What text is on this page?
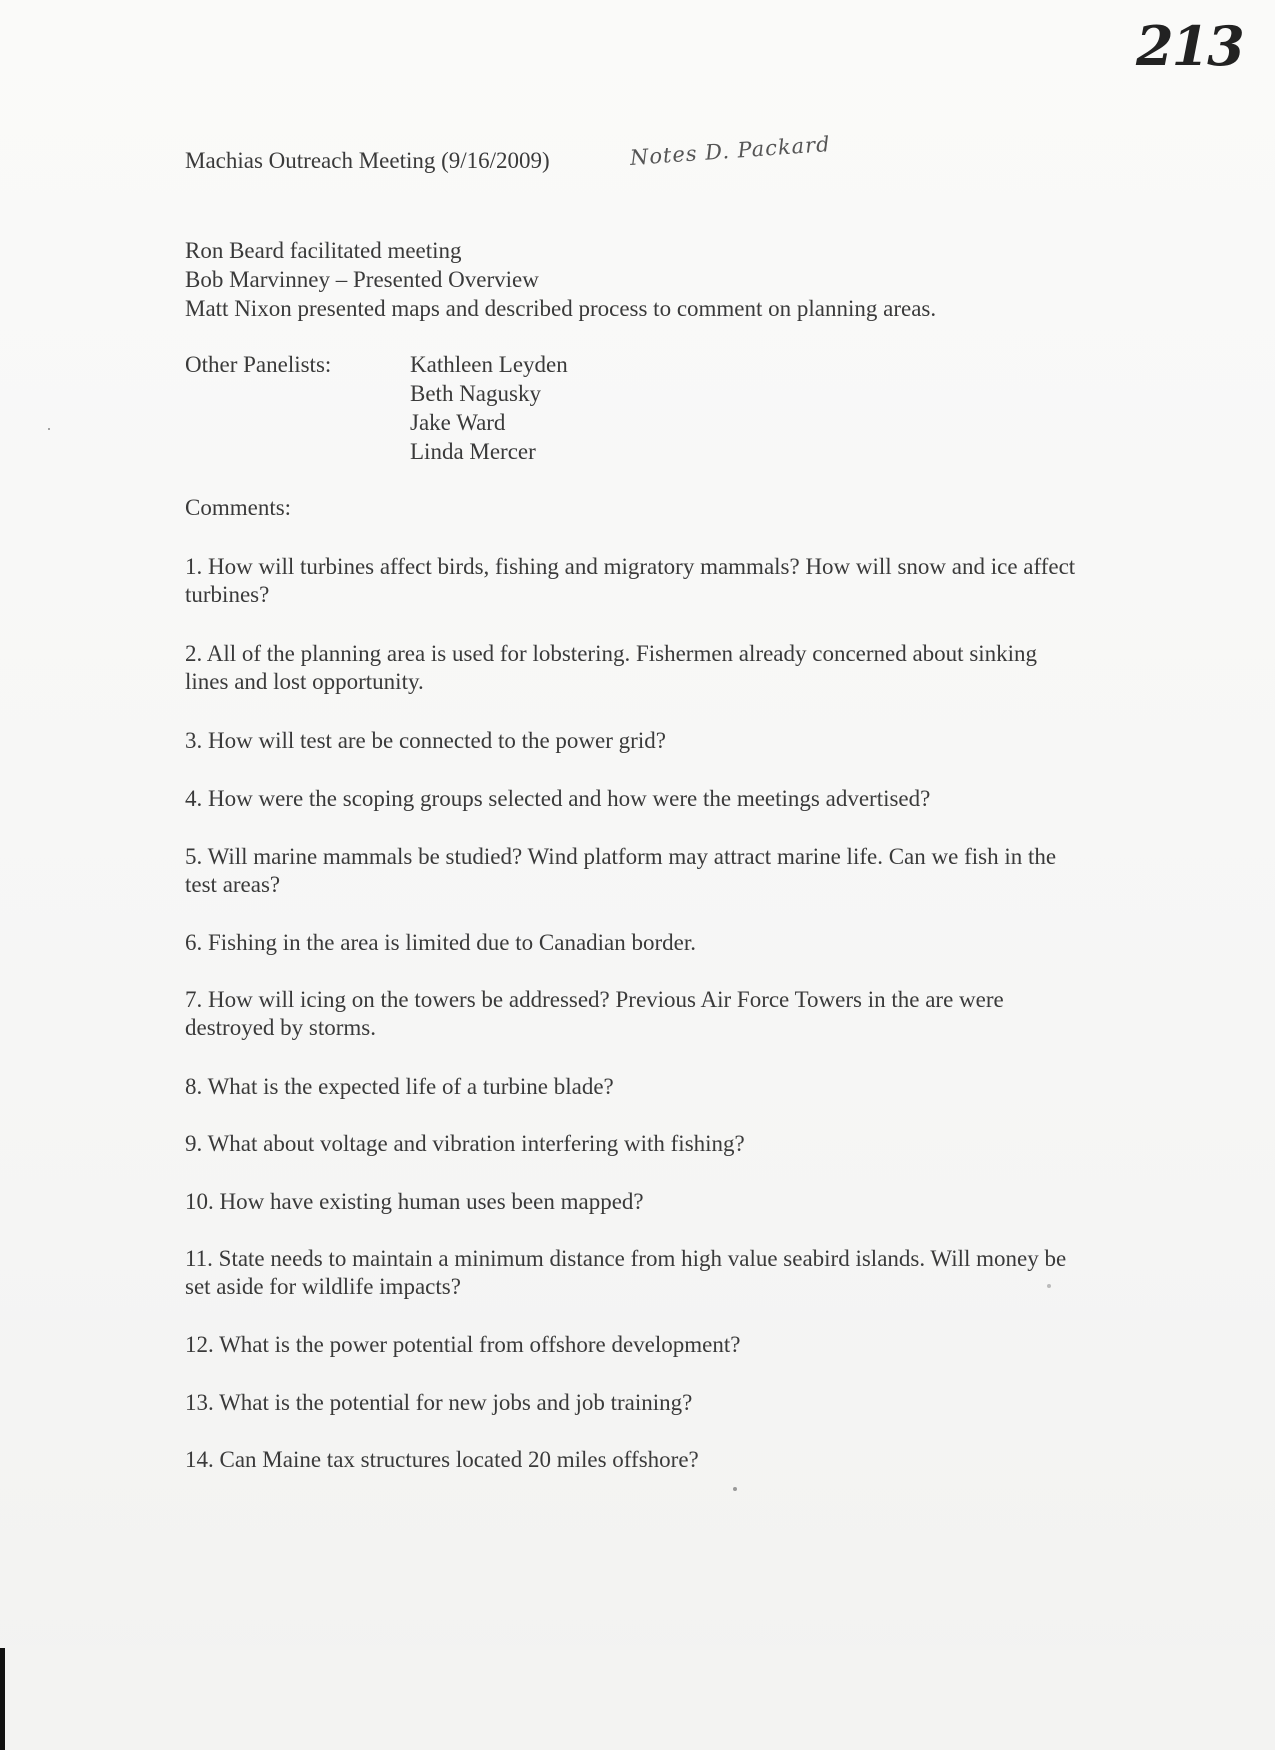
213
Machias Outreach Meeting (9/16/2009)	Notes D. Packard
Ron Beard facilitated meeting
Bob Marvinney – Presented Overview
Matt Nixon presented maps and described process to comment on planning areas.
Other Panelists:	Kathleen Leyden
Beth Nagusky
Jake Ward
Linda Mercer
Comments:
1. How will turbines affect birds, fishing and migratory mammals? How will snow and ice affect turbines?
2. All of the planning area is used for lobstering. Fishermen already concerned about sinking lines and lost opportunity.
3. How will test are be connected to the power grid?
4. How were the scoping groups selected and how were the meetings advertised?
5. Will marine mammals be studied? Wind platform may attract marine life. Can we fish in the test areas?
6. Fishing in the area is limited due to Canadian border.
7. How will icing on the towers be addressed? Previous Air Force Towers in the are were destroyed by storms.
8. What is the expected life of a turbine blade?
9. What about voltage and vibration interfering with fishing?
10. How have existing human uses been mapped?
11. State needs to maintain a minimum distance from high value seabird islands. Will money be set aside for wildlife impacts?
12. What is the power potential from offshore development?
13. What is the potential for new jobs and job training?
14. Can Maine tax structures located 20 miles offshore?
